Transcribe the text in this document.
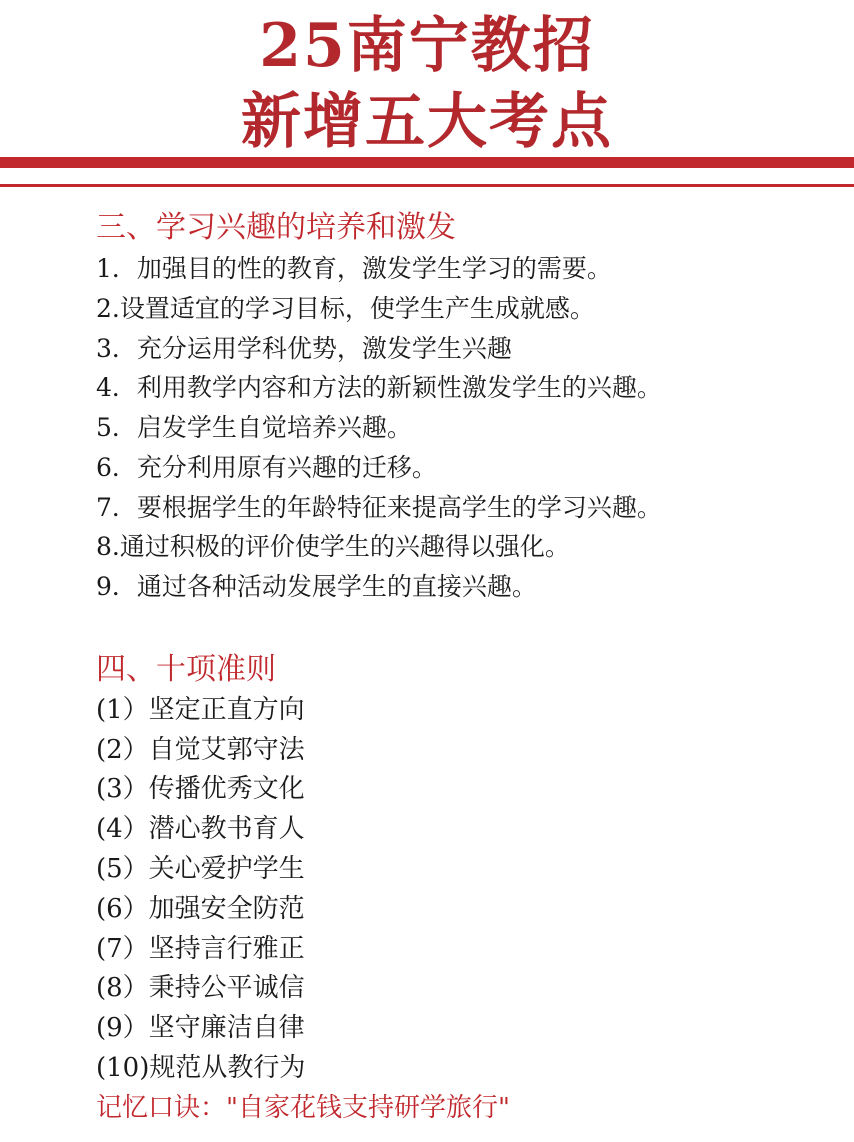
25南宁教招
新增五大考点
三、学习兴趣的培养和激发
1．加强目的性的教育，激发学生学习的需要。
2.设置适宜的学习目标，使学生产生成就感。
3．充分运用学科优势，激发学生兴趣
4．利用教学内容和方法的新颖性激发学生的兴趣。
5．启发学生自觉培养兴趣。
6．充分利用原有兴趣的迁移。
7．要根据学生的年龄特征来提高学生的学习兴趣。
8.通过积极的评价使学生的兴趣得以强化。
9．通过各种活动发展学生的直接兴趣。
四、十项准则
(1）坚定正直方向
(2）自觉艾郭守法
(3）传播优秀文化
(4）潜心教书育人
(5）关心爱护学生
(6）加强安全防范
(7）坚持言行雅正
(8）秉持公平诚信
(9）坚守廉洁自律
(10)规范从教行为
记忆口诀："自家花钱支持研学旅行"
